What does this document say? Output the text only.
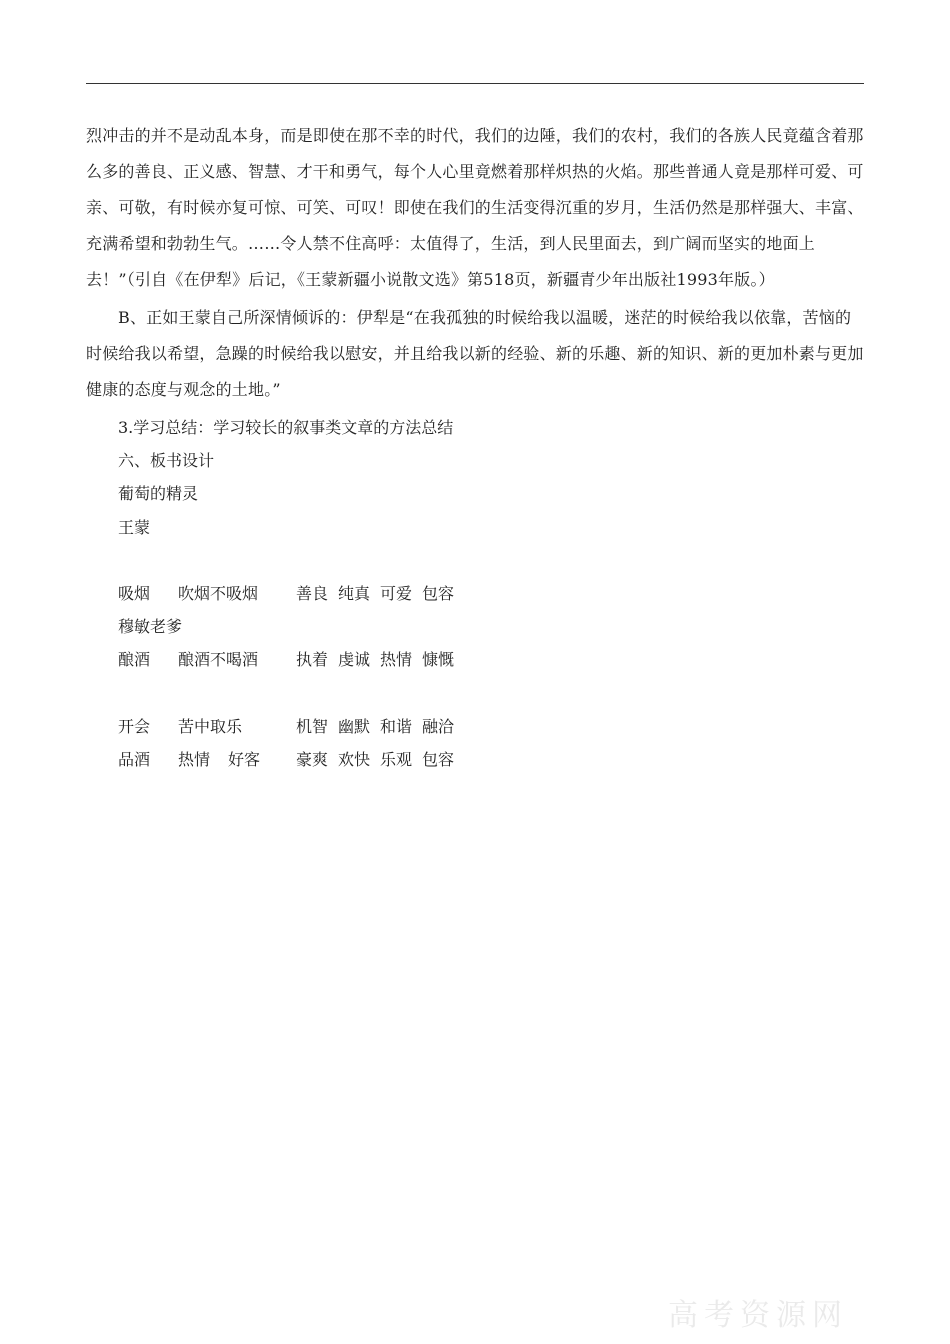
烈冲击的并不是动乱本身，而是即使在那不幸的时代，我们的边陲，我们的农村，我们的各族人民竟蕴含着那么多的善良、正义感、智慧、才干和勇气，每个人心里竟燃着那样炽热的火焰。那些普通人竟是那样可爱、可亲、可敬，有时候亦复可惊、可笑、可叹！即使在我们的生活变得沉重的岁月，生活仍然是那样强大、丰富、充满希望和勃勃生气。……令人禁不住高呼：太值得了，生活，到人民里面去，到广阔而坚实的地面上去！”（引自《在伊犁》后记，《王蒙新疆小说散文选》第518页，新疆青少年出版社1993年版。）
B、正如王蒙自己所深情倾诉的：伊犁是“在我孤独的时候给我以温暖，迷茫的时候给我以依靠，苦恼的时候给我以希望，急躁的时候给我以慰安，并且给我以新的经验、新的乐趣、新的知识、新的更加朴素与更加健康的态度与观念的土地。”
3.学习总结：学习较长的叙事类文章的方法总结
六、板书设计
葡萄的精灵
王蒙
吸烟 吹烟不吸烟 善良 纯真 可爱 包容
穆敏老爹
酿酒 酿酒不喝酒 执着 虔诚 热情 慷慨
开会 苦中取乐	机智 幽默 和谐 融洽
品酒 热情 好客 豪爽 欢快 乐观 包容
高考资源网
